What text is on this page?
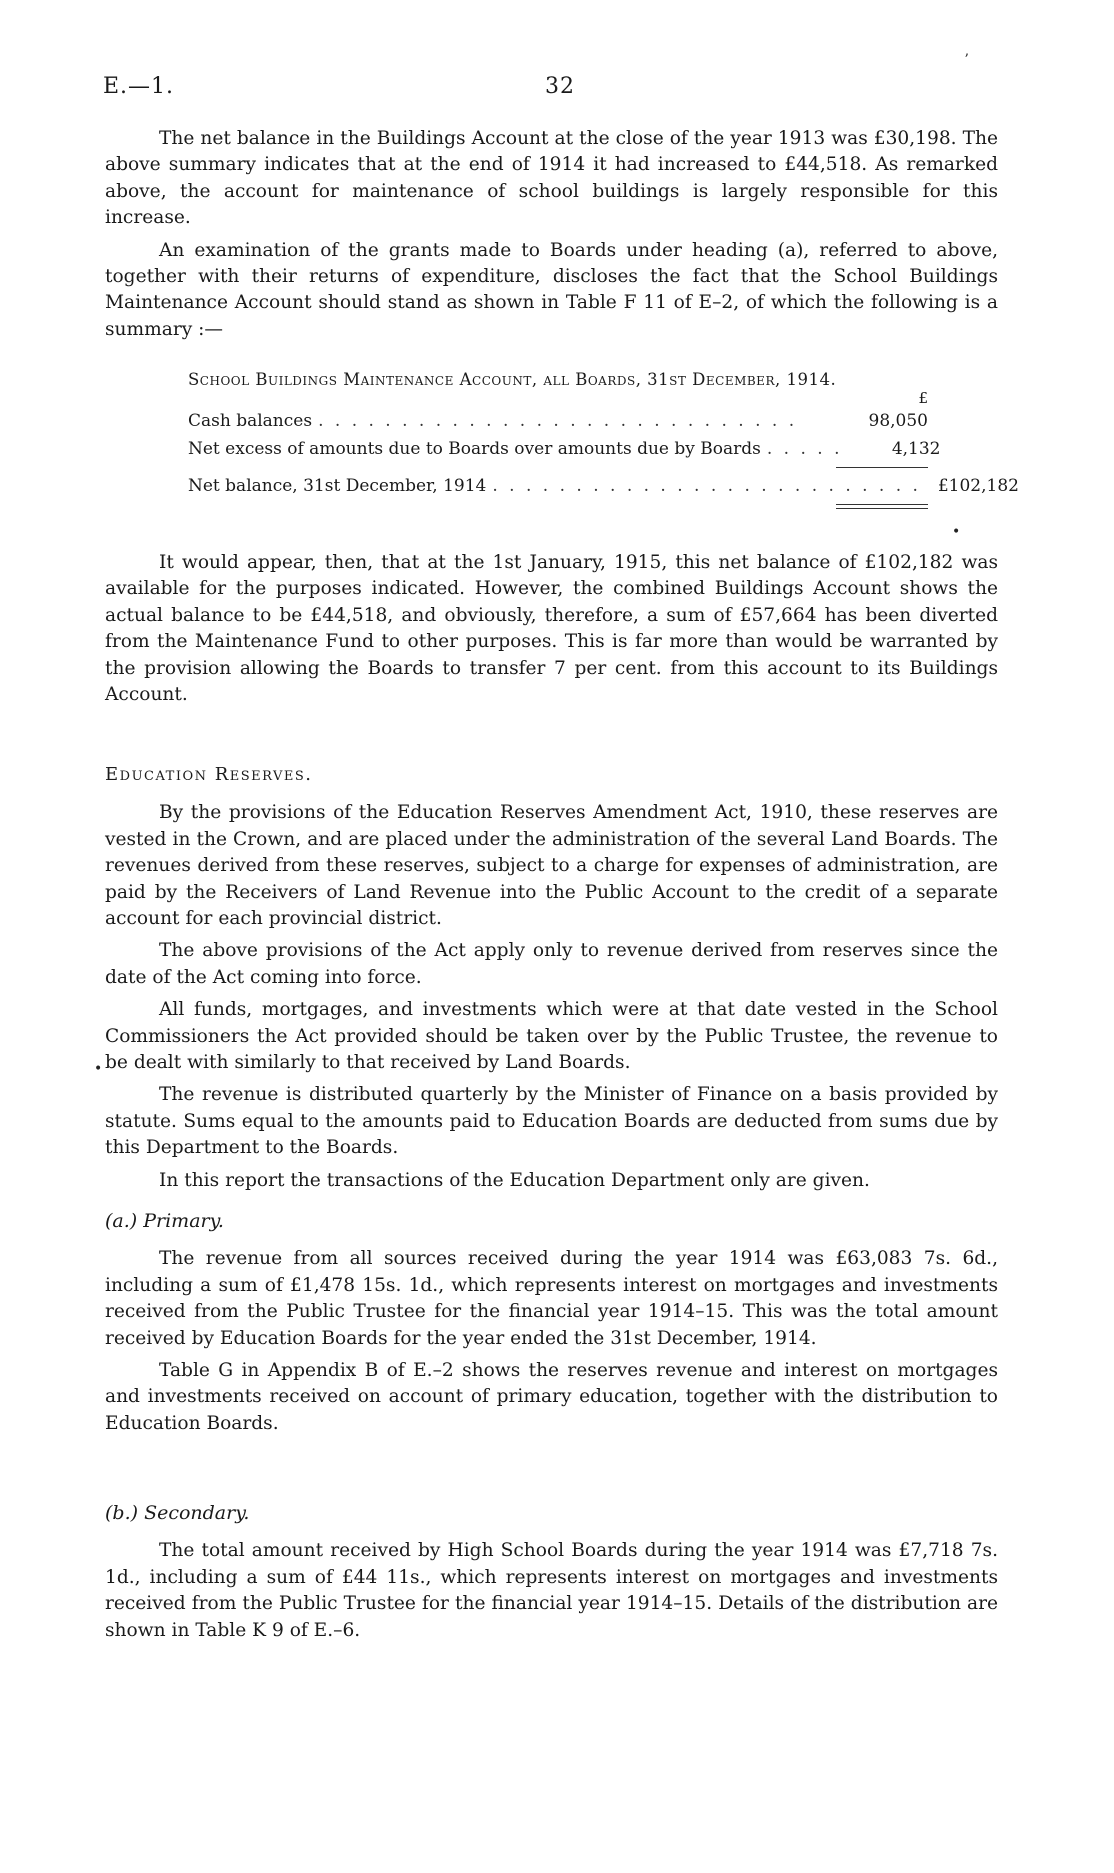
E.—1.	32

The net balance in the Buildings Account at the close of the year 1913 was £30,198. The above summary indicates that at the end of 1914 it had increased to £44,518. As remarked above, the account for maintenance of school buildings is largely responsible for this increase.

An examination of the grants made to Boards under heading (a), referred to above, together with their returns of expenditure, discloses the fact that the School Buildings Maintenance Account should stand as shown in Table F 11 of E–2, of which the following is a summary :—

School Buildings Maintenance Account, all Boards, 31st December, 1914.

£
Cash balances . . . . . . . . . . . . . . . . . . . . . . . . . . . . .	98,050
Net excess of amounts due to Boards over amounts due by Boards . . . . .	4,132
Net balance, 31st December, 1914 . . . . . . . . . . . . . . . . . . . . . . . . . . £102,182

It would appear, then, that at the 1st January, 1915, this net balance of £102,182 was available for the purposes indicated. However, the combined Buildings Account shows the actual balance to be £44,518, and obviously, therefore, a sum of £57,664 has been diverted from the Maintenance Fund to other purposes. This is far more than would be warranted by the provision allowing the Boards to transfer 7 per cent. from this account to its Buildings Account.

Education Reserves.

By the provisions of the Education Reserves Amendment Act, 1910, these reserves are vested in the Crown, and are placed under the administration of the several Land Boards. The revenues derived from these reserves, subject to a charge for expenses of administration, are paid by the Receivers of Land Revenue into the Public Account to the credit of a separate account for each provincial district.

The above provisions of the Act apply only to revenue derived from reserves since the date of the Act coming into force.

All funds, mortgages, and investments which were at that date vested in the School Commissioners the Act provided should be taken over by the Public Trustee, the revenue to be dealt with similarly to that received by Land Boards.

The revenue is distributed quarterly by the Minister of Finance on a basis provided by statute. Sums equal to the amounts paid to Education Boards are deducted from sums due by this Department to the Boards.

In this report the transactions of the Education Department only are given.

(a.) Primary.

The revenue from all sources received during the year 1914 was £63,083 7s. 6d., including a sum of £1,478 15s. 1d., which represents interest on mortgages and investments received from the Public Trustee for the financial year 1914–15. This was the total amount received by Education Boards for the year ended the 31st December, 1914.

Table G in Appendix B of E.–2 shows the reserves revenue and interest on mortgages and investments received on account of primary education, together with the distribution to Education Boards.

(b.) Secondary.

The total amount received by High School Boards during the year 1914 was £7,718 7s. 1d., including a sum of £44 11s., which represents interest on mortgages and investments received from the Public Trustee for the financial year 1914–15. Details of the distribution are shown in Table K 9 of E.–6.

ʼ
•
•
